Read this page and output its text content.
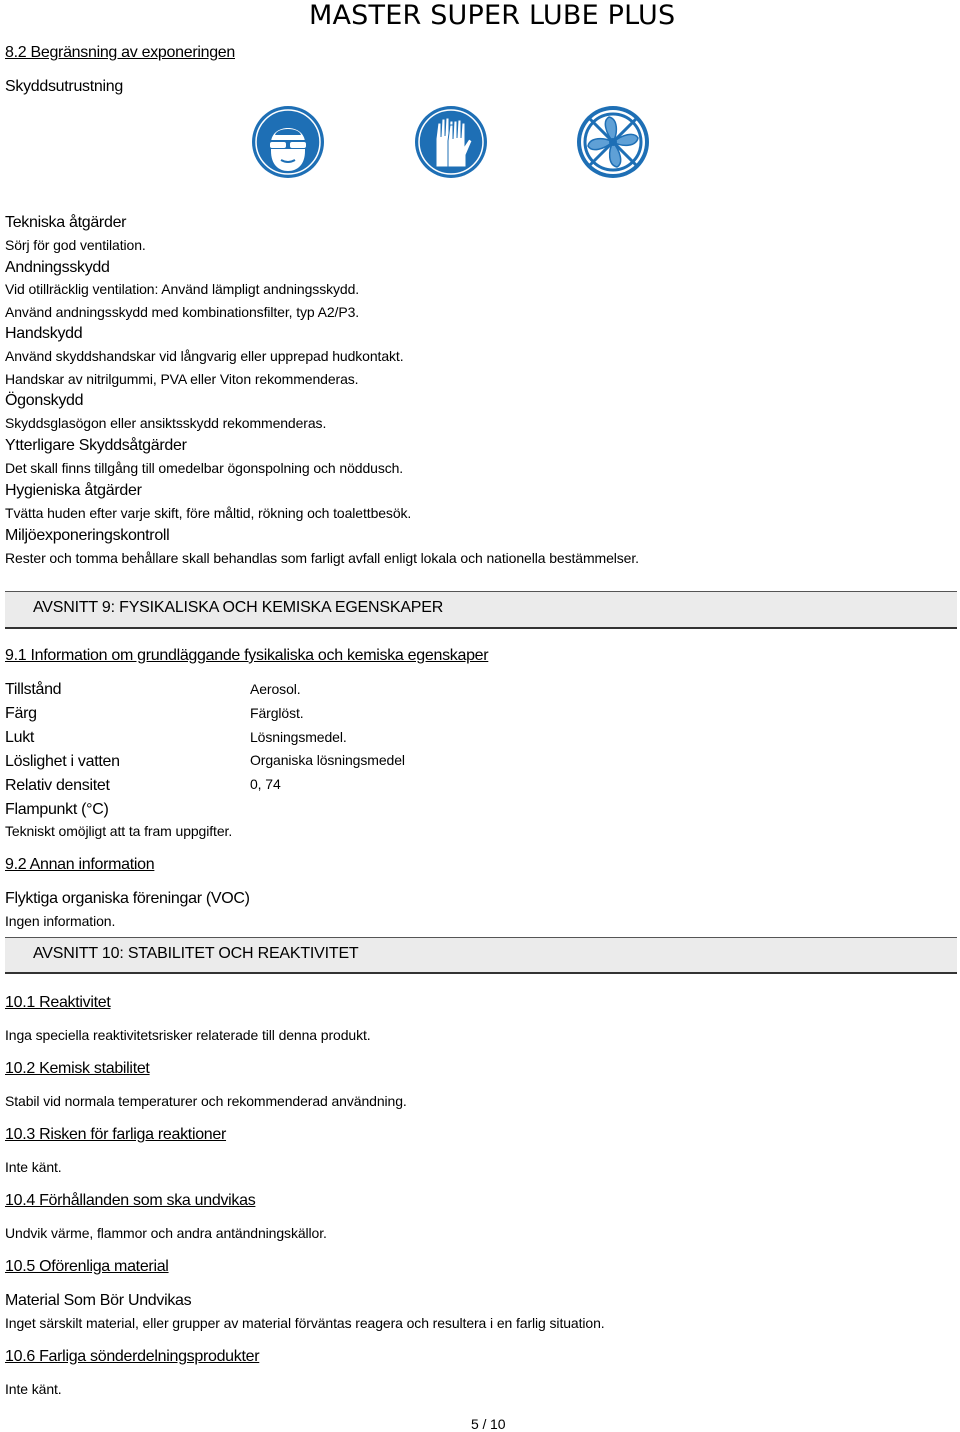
MASTER SUPER LUBE PLUS
8.2 Begränsning av exponeringen
Skyddsutrustning
Tekniska åtgärder
Sörj för god ventilation.
Andningsskydd
Vid otillräcklig ventilation: Använd lämpligt andningsskydd.
Använd andningsskydd med kombinationsfilter, typ A2/P3.
Handskydd
Använd skyddshandskar vid långvarig eller upprepad hudkontakt.
Handskar av nitrilgummi, PVA eller Viton rekommenderas.
Ögonskydd
Skyddsglasögon eller ansiktsskydd rekommenderas.
Ytterligare Skyddsåtgärder
Det skall finns tillgång till omedelbar ögonspolning och nöddusch.
Hygieniska åtgärder
Tvätta huden efter varje skift, före måltid, rökning och toalettbesök.
Miljöexponeringskontroll
Rester och tomma behållare skall behandlas som farligt avfall enligt lokala och nationella bestämmelser.
AVSNITT 9: FYSIKALISKA OCH KEMISKA EGENSKAPER
9.1 Information om grundläggande fysikaliska och kemiska egenskaper
Tillstånd	Aerosol.
Färg	Färglöst.
Lukt	Lösningsmedel.
Löslighet i vatten	Organiska lösningsmedel
Relativ densitet	0, 74
Flampunkt (°C)
Tekniskt omöjligt att ta fram uppgifter.
9.2 Annan information
Flyktiga organiska föreningar (VOC)
Ingen information.
AVSNITT 10: STABILITET OCH REAKTIVITET
10.1 Reaktivitet
Inga speciella reaktivitetsrisker relaterade till denna produkt.
10.2 Kemisk stabilitet
Stabil vid normala temperaturer och rekommenderad användning.
10.3 Risken för farliga reaktioner
Inte känt.
10.4 Förhållanden som ska undvikas
Undvik värme, flammor och andra antändningskällor.
10.5 Oförenliga material
Material Som Bör Undvikas
Inget särskilt material, eller grupper av material förväntas reagera och resultera i en farlig situation.
10.6 Farliga sönderdelningsprodukter
Inte känt.
5 / 10
